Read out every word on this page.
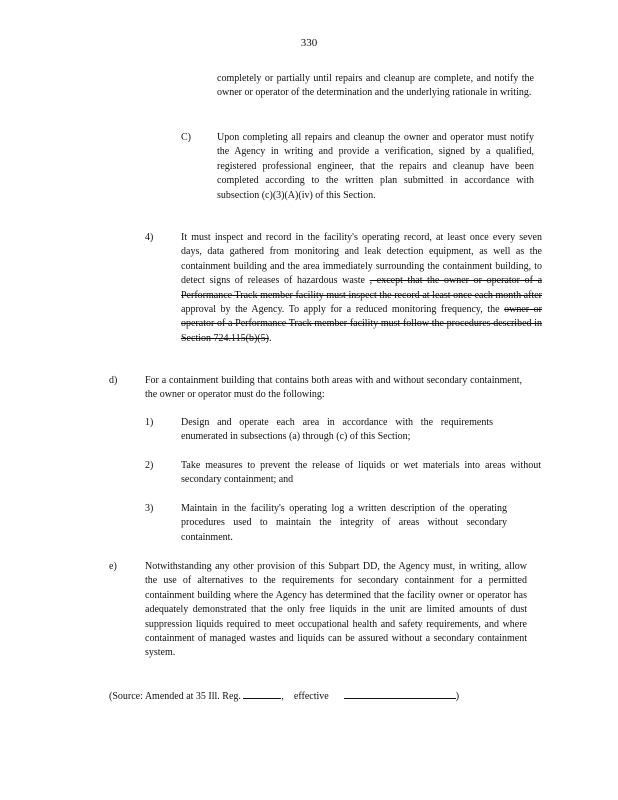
330
completely or partially until repairs and cleanup are complete, and notify the owner or operator of the determination and the underlying rationale in writing.
C)	Upon completing all repairs and cleanup the owner and operator must notify the Agency in writing and provide a verification, signed by a qualified, registered professional engineer, that the repairs and cleanup have been completed according to the written plan submitted in accordance with subsection (c)(3)(A)(iv) of this Section.
4)	It must inspect and record in the facility's operating record, at least once every seven days, data gathered from monitoring and leak detection equipment, as well as the containment building and the area immediately surrounding the containment building, to detect signs of releases of hazardous waste , except that the owner or operator of a Performance Track member facility must inspect the record at least once each month after approval by the Agency. To apply for a reduced monitoring frequency, the owner or operator of a Performance Track member facility must follow the procedures described in Section 724.115(b)(5).
d)	For a containment building that contains both areas with and without secondary containment, the owner or operator must do the following:
1)	Design and operate each area in accordance with the requirements enumerated in subsections (a) through (c) of this Section;
2)	Take measures to prevent the release of liquids or wet materials into areas without secondary containment; and
3)	Maintain in the facility's operating log a written description of the operating procedures used to maintain the integrity of areas without secondary containment.
e)	Notwithstanding any other provision of this Subpart DD, the Agency must, in writing, allow the use of alternatives to the requirements for secondary containment for a permitted containment building where the Agency has determined that the facility owner or operator has adequately demonstrated that the only free liquids in the unit are limited amounts of dust suppression liquids required to meet occupational health and safety requirements, and where containment of managed wastes and liquids can be assured without a secondary containment system.
(Source: Amended at 35 Ill. Reg.	, effective	)
